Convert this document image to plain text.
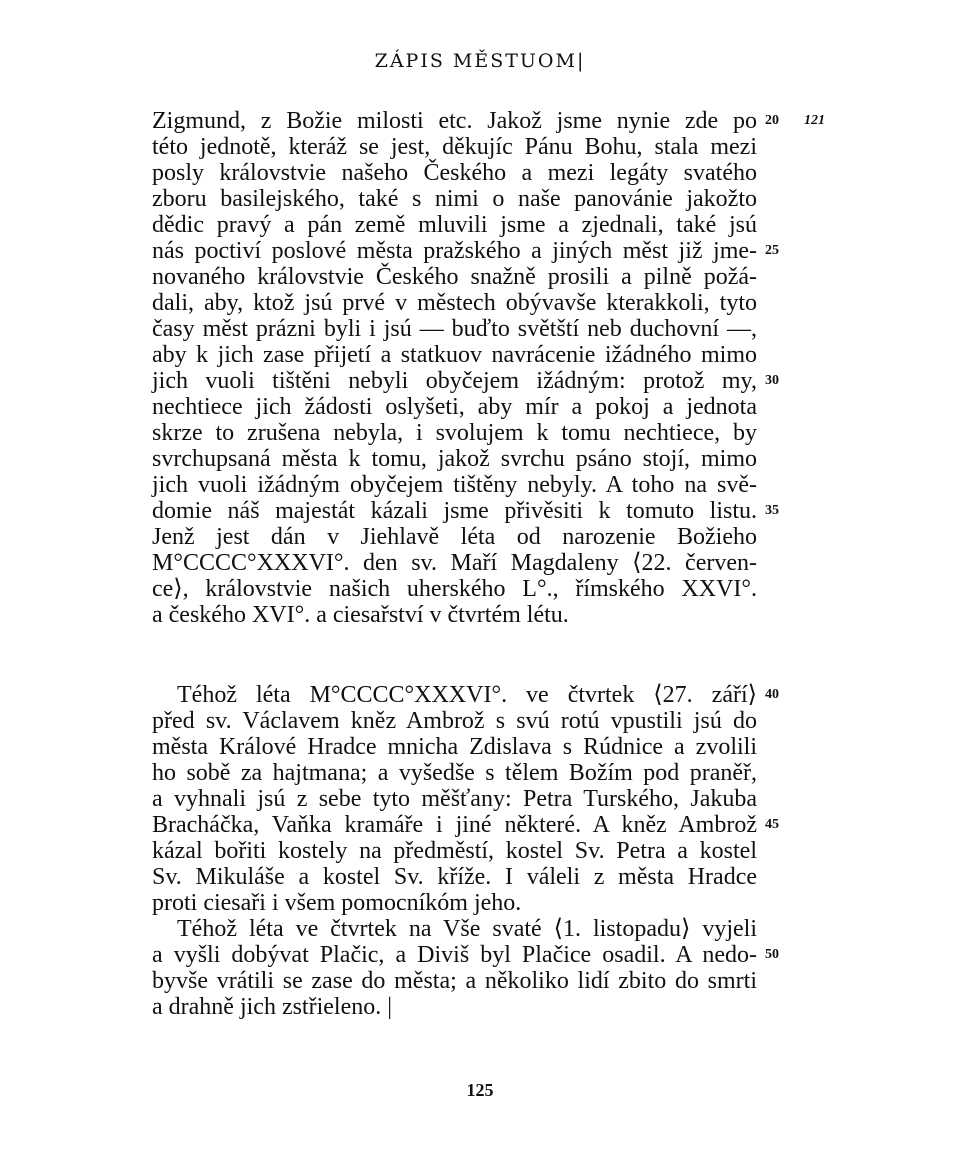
ZÁPIS MĚSTUOM|
Zigmund, z Božie milosti etc. Jakož jsme nynie zde po
této jednotě, kteráž se jest, děkujíc Pánu Bohu, stala mezi
posly královstvie našeho Českého a mezi legáty svatého
zboru basilejského, také s nimi o naše panovánie jakožto
dědic pravý a pán země mluvili jsme a zjednali, také jsú
nás poctiví poslové města pražského a jiných měst již jme-
novaného královstvie Českého snažně prosili a pilně požá-
dali, aby, ktož jsú prvé v městech obývavše kterakkoli, tyto
časy měst prázni byli i jsú — buďto světští neb duchovní —,
aby k jich zase přijetí a statkuov navrácenie ižádného mimo
jich vuoli tištěni nebyli obyčejem ižádným: protož my,
nechtiece jich žádosti oslyšeti, aby mír a pokoj a jednota
skrze to zrušena nebyla, i svolujem k tomu nechtiece, by
svrchupsaná města k tomu, jakož svrchu psáno stojí, mimo
jich vuoli ižádným obyčejem tištěny nebyly. A toho na svě-
domie náš majestát kázali jsme přivěsiti k tomuto listu.
Jenž jest dán v Jiehlavě léta od narozenie Božieho
M°CCCC°XXXVI°. den sv. Maří Magdaleny ⟨22. červen-
ce⟩, královstvie našich uherského L°., římského XXVI°.
a českého XVI°. a ciesařství v čtvrtém létu.
Téhož léta M°CCCC°XXXVI°. ve čtvrtek ⟨27. září⟩
před sv. Václavem kněz Ambrož s svú rotú vpustili jsú do
města Králové Hradce mnicha Zdislava s Rúdnice a zvolili
ho sobě za hajtmana; a vyšedše s tělem Božím pod praněř,
a vyhnali jsú z sebe tyto měšťany: Petra Turského, Jakuba
Bracháčka, Vaňka kramáře i jiné některé. A kněz Ambrož
kázal bořiti kostely na předměstí, kostel Sv. Petra a kostel
Sv. Mikuláše a kostel Sv. kříže. I váleli z města Hradce
proti ciesaři i všem pomocníkóm jeho.
Téhož léta ve čtvrtek na Vše svaté ⟨1. listopadu⟩ vyjeli
a vyšli dobývat Plačic, a Diviš byl Plačice osadil. A nedo-
byvše vrátili se zase do města; a několiko lidí zbito do smrti
a drahně jich zstřieleno. |
20 121
25
30
35
40
45
50
125
